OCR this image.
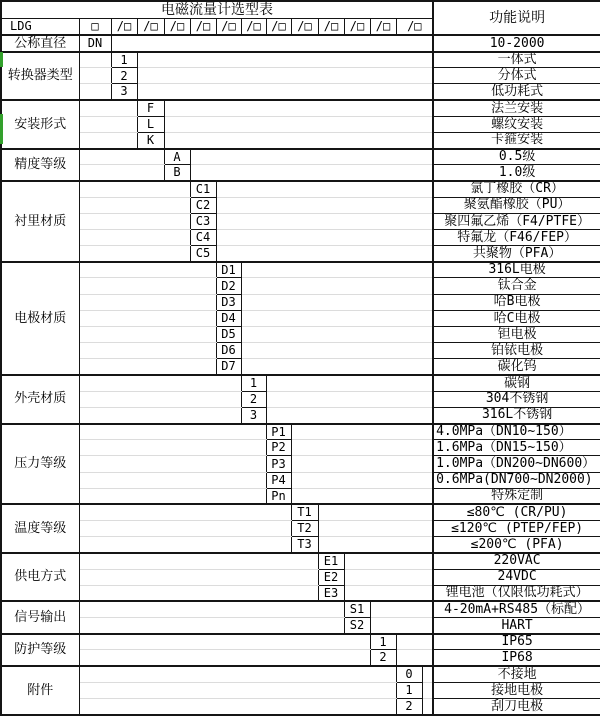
电磁流量计选型表															功能说明
LDG	□	/□	/□	/□	/□	/□	/□	/□	/□	/□	/□	/□	/□		
公称直径	DN														10-2000
转换器类型		1													一体式
		2													分体式
		3													低功耗式
安装形式			F												法兰安装
			L												螺纹安装
			K												卡箍安装
精度等级				A											0.5级
				B											1.0级
衬里材质					C1										氯丁橡胶（CR）
					C2										聚氨酯橡胶（PU）
					C3										聚四氟乙烯（F4/PTFE）
					C4										特氟龙（F46/FEP）
					C5										共聚物（PFA）
电极材质						D1									316L电极
						D2									钛合金
						D3									哈B电极
						D4									哈C电极
						D5									钽电极
						D6									铂铱电极
						D7									碳化钨
外壳材质							1								碳钢
							2								304不锈钢
							3								316L不锈钢
压力等级								P1							4.0MPa（DN10~150）
								P2							1.6MPa（DN15~150）
								P3							1.0MPa（DN200~DN600）
								P4							0.6MPa(DN700~DN2000)
								Pn							特殊定制
温度等级									T1						≤80℃ (CR/PU)
									T2						≤120℃ (PTEP/FEP)
									T3						≤200℃ (PFA)
供电方式										E1					220VAC
										E2					24VDC
										E3					锂电池（仅限低功耗式）
信号输出											S1				4-20mA+RS485（标配）
											S2				HART
防护等级												1			IP65
												2			IP68
附件													0		不接地
													1		接地电极
													2		刮刀电极
